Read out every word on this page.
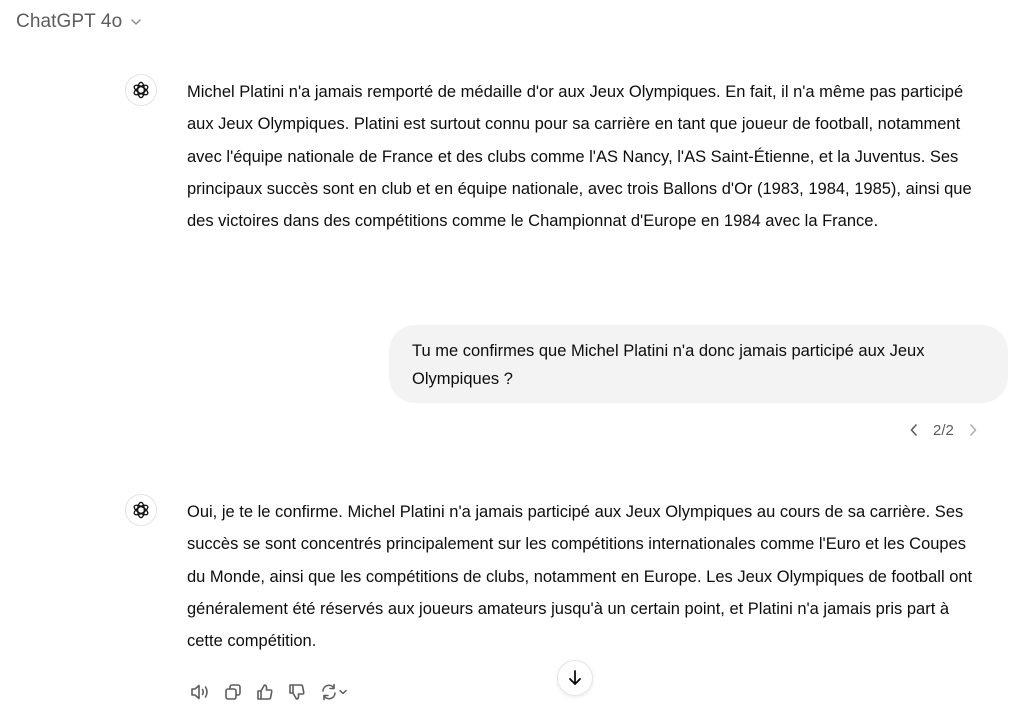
ChatGPT 4o
Michel Platini n'a jamais remporté de médaille d'or aux Jeux Olympiques. En fait, il n'a même pas participé aux Jeux Olympiques. Platini est surtout connu pour sa carrière en tant que joueur de football, notamment avec l'équipe nationale de France et des clubs comme l'AS Nancy, l'AS Saint-Étienne, et la Juventus. Ses principaux succès sont en club et en équipe nationale, avec trois Ballons d'Or (1983, 1984, 1985), ainsi que des victoires dans des compétitions comme le Championnat d'Europe en 1984 avec la France.
Tu me confirmes que Michel Platini n'a donc jamais participé aux Jeux Olympiques ?
2/2
Oui, je te le confirme. Michel Platini n'a jamais participé aux Jeux Olympiques au cours de sa carrière. Ses succès se sont concentrés principalement sur les compétitions internationales comme l'Euro et les Coupes du Monde, ainsi que les compétitions de clubs, notamment en Europe. Les Jeux Olympiques de football ont généralement été réservés aux joueurs amateurs jusqu'à un certain point, et Platini n'a jamais pris part à cette compétition.
